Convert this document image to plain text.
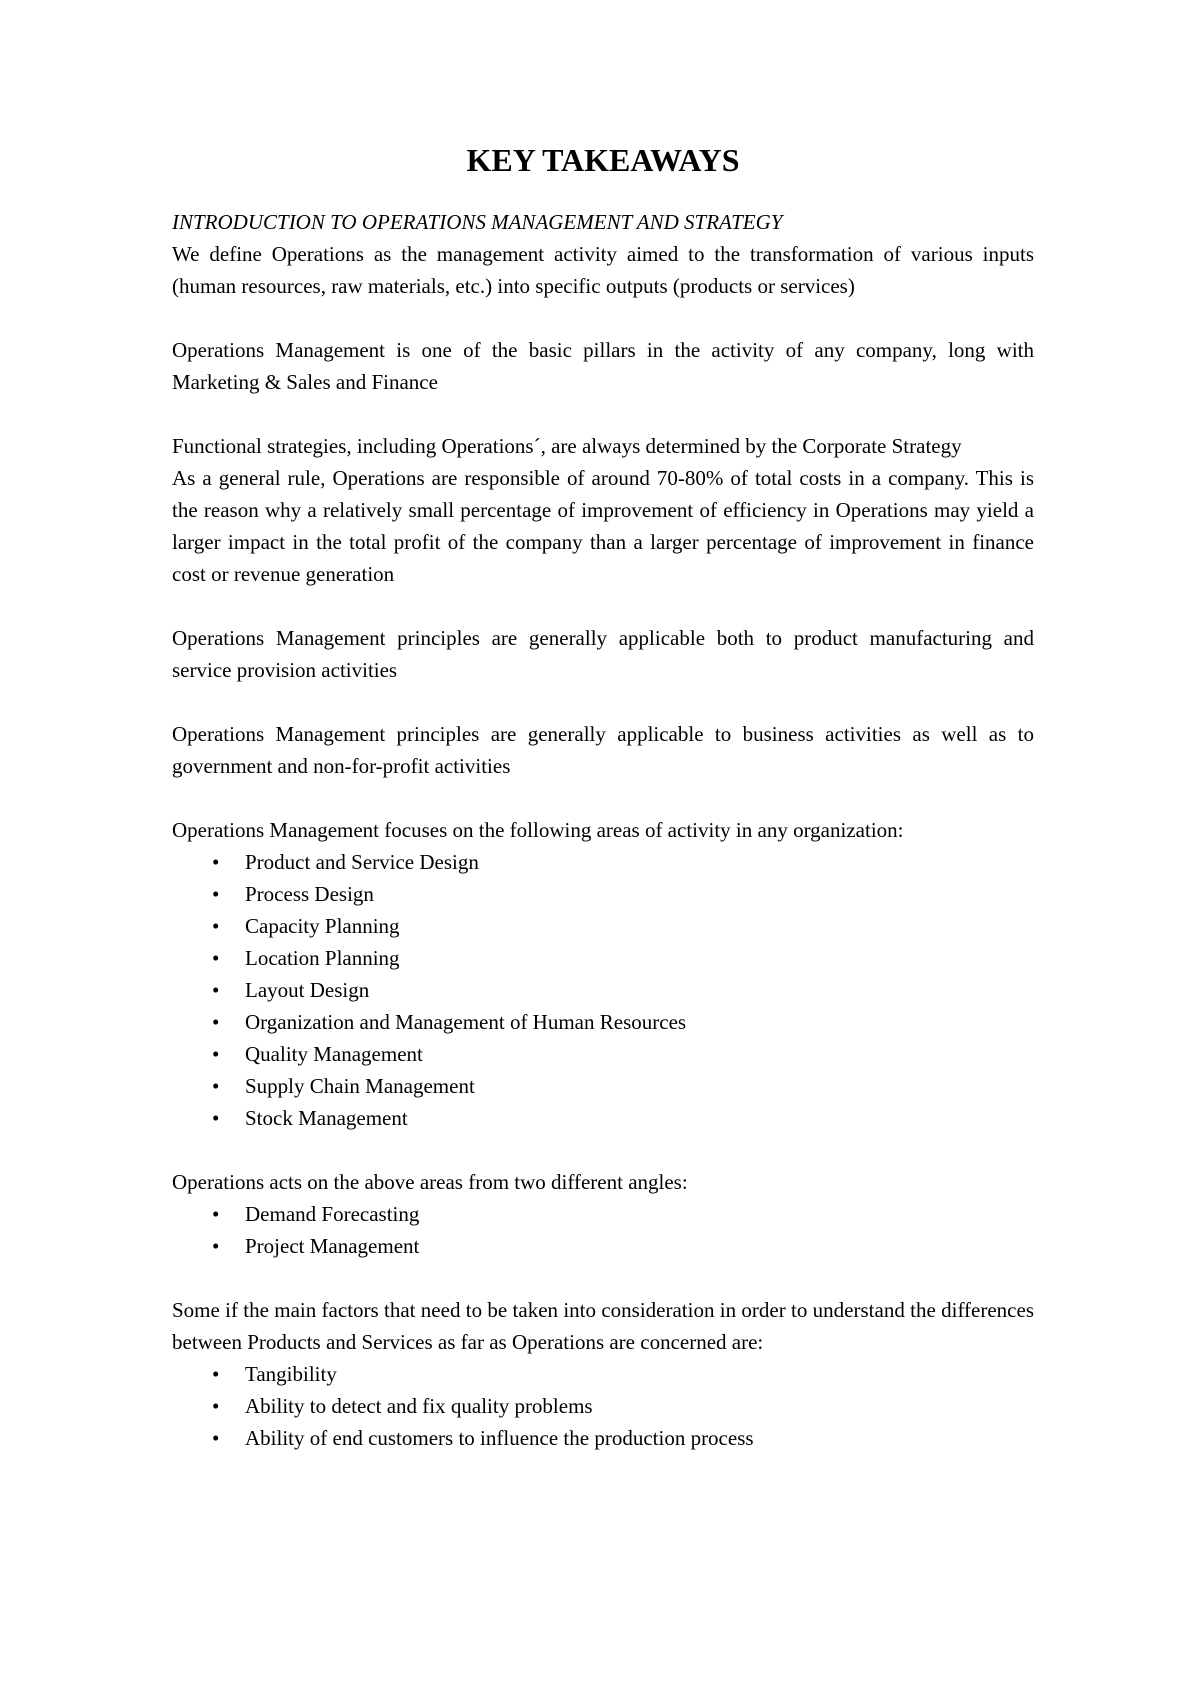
KEY TAKEAWAYS

INTRODUCTION TO OPERATIONS MANAGEMENT AND STRATEGY

We define Operations as the management activity aimed to the transformation of various inputs (human resources, raw materials, etc.) into specific outputs (products or services)

Operations Management is one of the basic pillars in the activity of any company, long with Marketing & Sales and Finance

Functional strategies, including Operations´, are always determined by the Corporate Strategy

As a general rule, Operations are responsible of around 70-80% of total costs in a company. This is the reason why a relatively small percentage of improvement of efficiency in Operations may yield a larger impact in the total profit of the company than a larger percentage of improvement in finance cost or revenue generation

Operations Management principles are generally applicable both to product manufacturing and service provision activities

Operations Management principles are generally applicable to business activities as well as to government and non-for-profit activities

Operations Management focuses on the following areas of activity in any organization:

• Product and Service Design
• Process Design
• Capacity Planning
• Location Planning
• Layout Design
• Organization and Management of Human Resources
• Quality Management
• Supply Chain Management
• Stock Management

Operations acts on the above areas from two different angles:

• Demand Forecasting
• Project Management

Some if the main factors that need to be taken into consideration in order to understand the differences between Products and Services as far as Operations are concerned are:

• Tangibility
• Ability to detect and fix quality problems
• Ability of end customers to influence the production process
